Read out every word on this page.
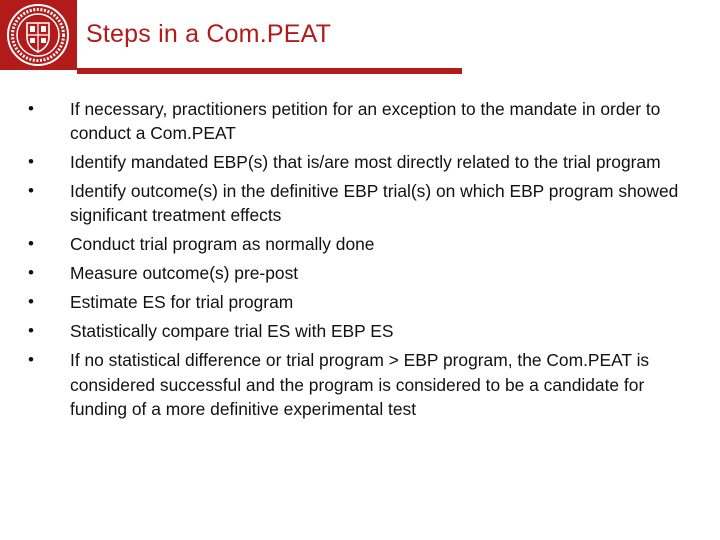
Steps in a Com.PEAT
• If necessary, practitioners petition for an exception to the mandate in order to conduct a Com.PEAT
• Identify mandated EBP(s) that is/are most directly related to the trial program
• Identify outcome(s) in the definitive EBP trial(s) on which EBP program showed significant treatment effects
• Conduct trial program as normally done
• Measure outcome(s) pre-post
• Estimate ES for trial program
• Statistically compare trial ES with EBP ES
• If no statistical difference or trial program > EBP program, the Com.PEAT is considered successful and the program is considered to be a candidate for funding of a more definitive experimental test
